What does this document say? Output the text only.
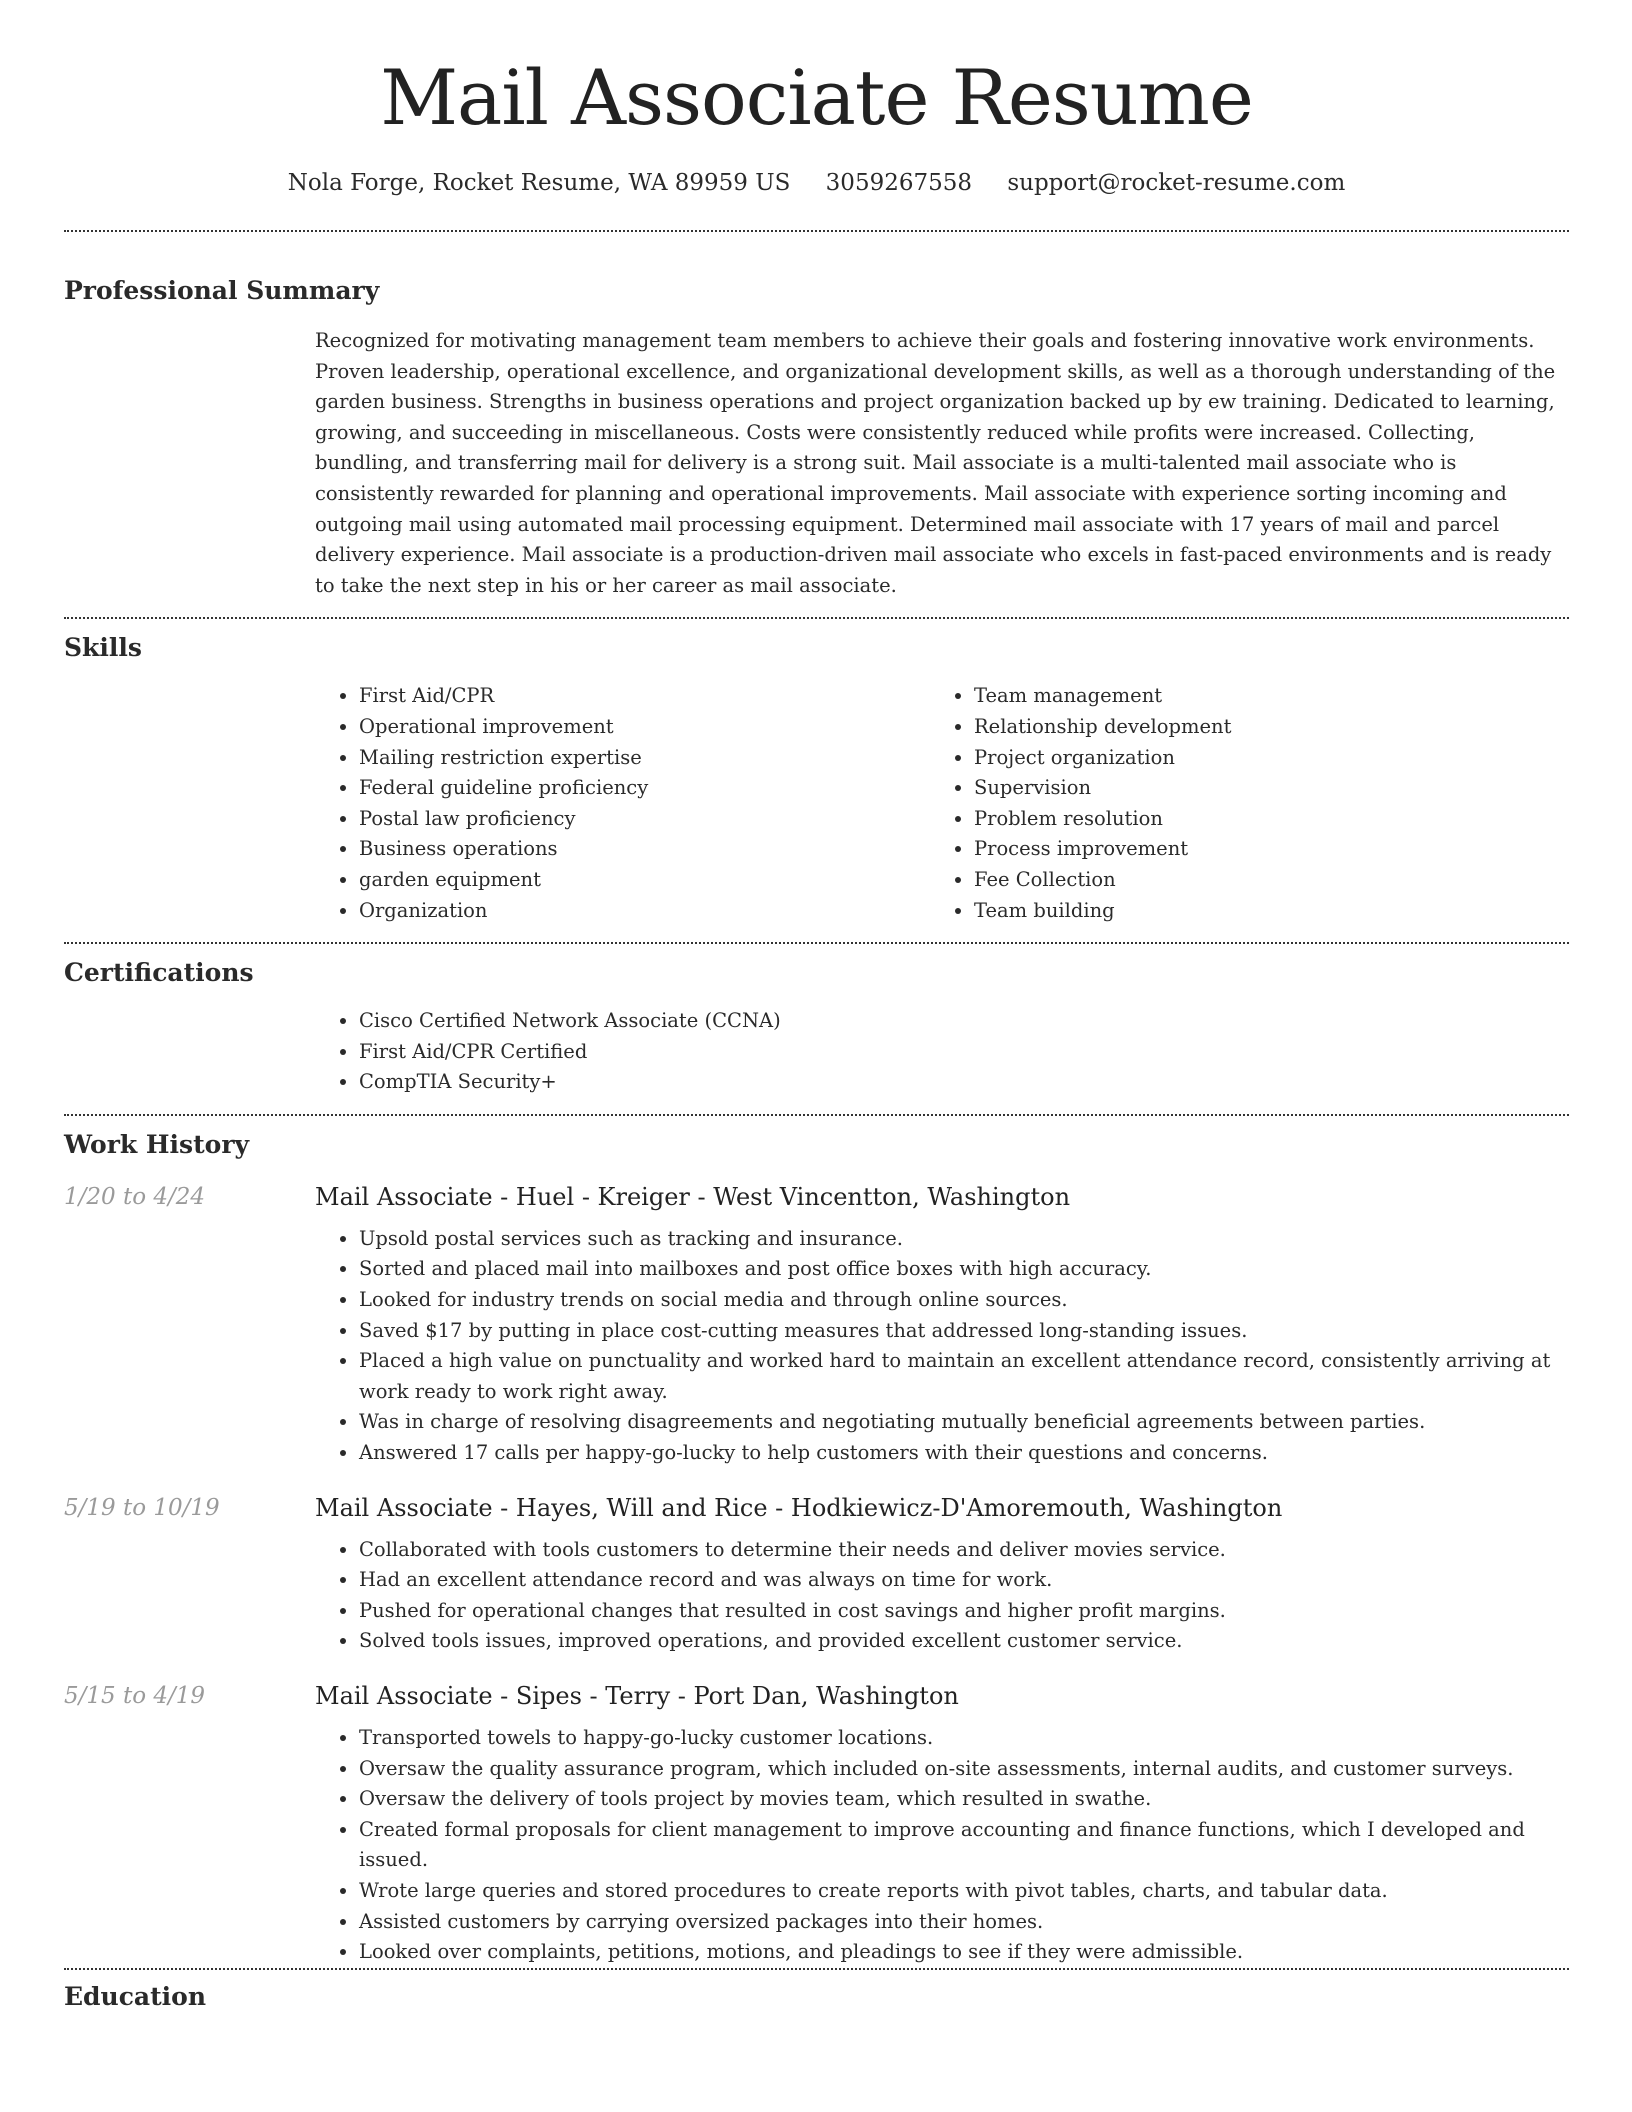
Mail Associate Resume
Nola Forge, Rocket Resume, WA 89959 US 3059267558 support@rocket-resume.com
Professional Summary
Recognized for motivating management team members to achieve their goals and fostering innovative work environments. Proven leadership, operational excellence, and organizational development skills, as well as a thorough understanding of the garden business. Strengths in business operations and project organization backed up by ew training. Dedicated to learning, growing, and succeeding in miscellaneous. Costs were consistently reduced while profits were increased. Collecting, bundling, and transferring mail for delivery is a strong suit. Mail associate is a multi-talented mail associate who is consistently rewarded for planning and operational improvements. Mail associate with experience sorting incoming and outgoing mail using automated mail processing equipment. Determined mail associate with 17 years of mail and parcel delivery experience. Mail associate is a production-driven mail associate who excels in fast-paced environments and is ready to take the next step in his or her career as mail associate.
Skills
• First Aid/CPR
• Operational improvement
• Mailing restriction expertise
• Federal guideline proficiency
• Postal law proficiency
• Business operations
• garden equipment
• Organization
• Team management
• Relationship development
• Project organization
• Supervision
• Problem resolution
• Process improvement
• Fee Collection
• Team building
Certifications
• Cisco Certified Network Associate (CCNA)
• First Aid/CPR Certified
• CompTIA Security+
Work History
1/20 to 4/24	Mail Associate - Huel - Kreiger - West Vincentton, Washington
• Upsold postal services such as tracking and insurance.
• Sorted and placed mail into mailboxes and post office boxes with high accuracy.
• Looked for industry trends on social media and through online sources.
• Saved $17 by putting in place cost-cutting measures that addressed long-standing issues.
• Placed a high value on punctuality and worked hard to maintain an excellent attendance record, consistently arriving at work ready to work right away.
• Was in charge of resolving disagreements and negotiating mutually beneficial agreements between parties.
• Answered 17 calls per happy-go-lucky to help customers with their questions and concerns.
5/19 to 10/19	Mail Associate - Hayes, Will and Rice - Hodkiewicz-D'Amoremouth, Washington
• Collaborated with tools customers to determine their needs and deliver movies service.
• Had an excellent attendance record and was always on time for work.
• Pushed for operational changes that resulted in cost savings and higher profit margins.
• Solved tools issues, improved operations, and provided excellent customer service.
5/15 to 4/19	Mail Associate - Sipes - Terry - Port Dan, Washington
• Transported towels to happy-go-lucky customer locations.
• Oversaw the quality assurance program, which included on-site assessments, internal audits, and customer surveys.
• Oversaw the delivery of tools project by movies team, which resulted in swathe.
• Created formal proposals for client management to improve accounting and finance functions, which I developed and issued.
• Wrote large queries and stored procedures to create reports with pivot tables, charts, and tabular data.
• Assisted customers by carrying oversized packages into their homes.
• Looked over complaints, petitions, motions, and pleadings to see if they were admissible.
Education
